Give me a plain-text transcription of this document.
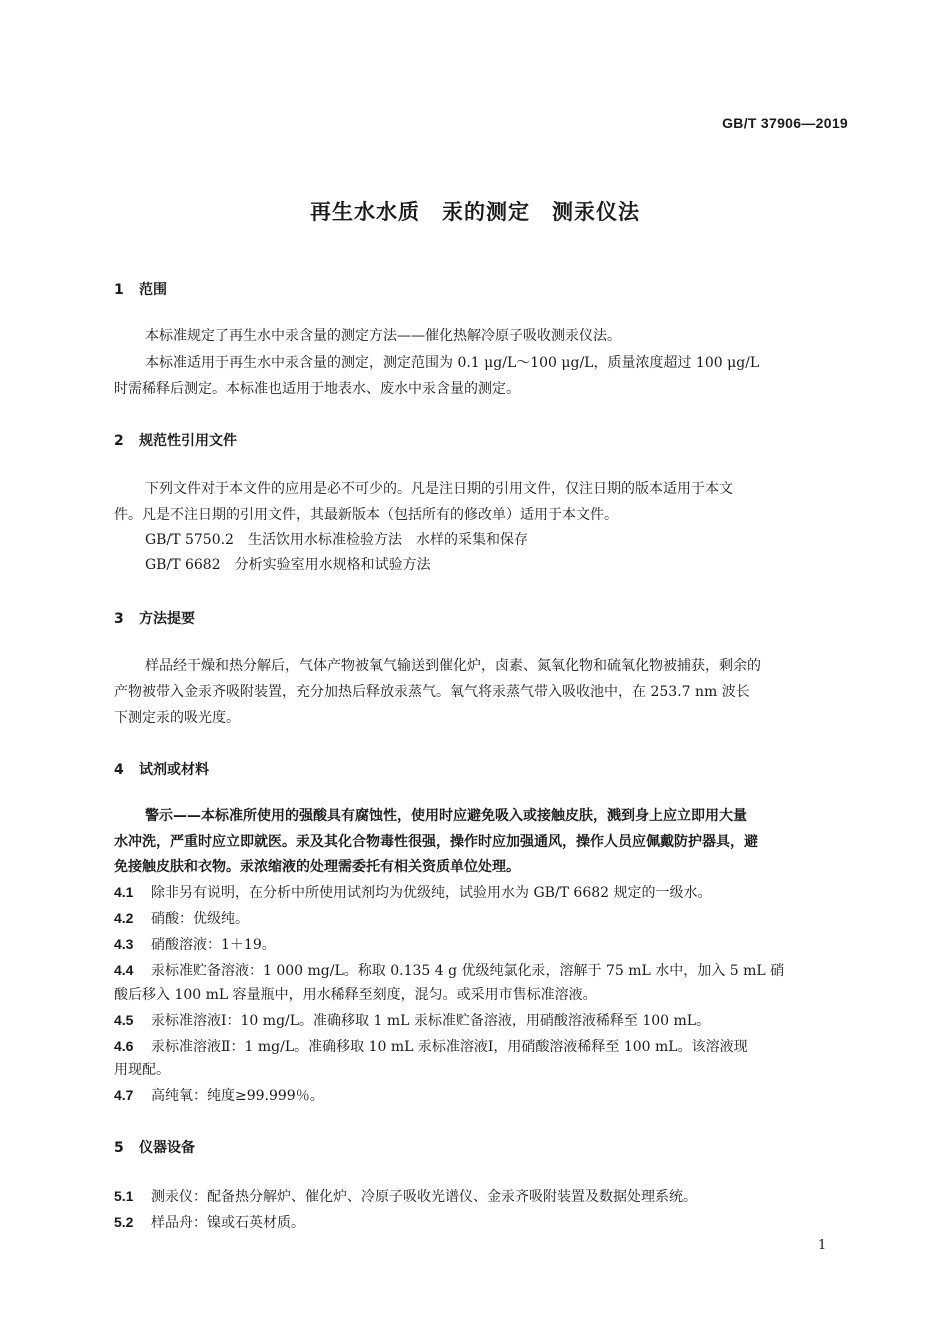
GB/T 37906—2019
再生水水质　汞的测定　测汞仪法
1 范围
本标准规定了再生水中汞含量的测定方法——催化热解冷原子吸收测汞仪法。
本标准适用于再生水中汞含量的测定，测定范围为 0.1 μg/L～100 μg/L，质量浓度超过 100 μg/L
时需稀释后测定。本标准也适用于地表水、废水中汞含量的测定。
2 规范性引用文件
下列文件对于本文件的应用是必不可少的。凡是注日期的引用文件，仅注日期的版本适用于本文
件。凡是不注日期的引用文件，其最新版本（包括所有的修改单）适用于本文件。
GB/T 5750.2　生活饮用水标准检验方法　水样的采集和保存
GB/T 6682　分析实验室用水规格和试验方法
3 方法提要
样品经干燥和热分解后，气体产物被氧气输送到催化炉，卤素、氮氧化物和硫氧化物被捕获，剩余的
产物被带入金汞齐吸附装置，充分加热后释放汞蒸气。氧气将汞蒸气带入吸收池中，在 253.7 nm 波长
下测定汞的吸光度。
4 试剂或材料
警示——本标准所使用的强酸具有腐蚀性，使用时应避免吸入或接触皮肤，溅到身上应立即用大量
水冲洗，严重时应立即就医。汞及其化合物毒性很强，操作时应加强通风，操作人员应佩戴防护器具，避
免接触皮肤和衣物。汞浓缩液的处理需委托有相关资质单位处理。
4.1 除非另有说明，在分析中所使用试剂均为优级纯，试验用水为 GB/T 6682 规定的一级水。
4.2 硝酸：优级纯。
4.3 硝酸溶液：1＋19。
4.4 汞标准贮备溶液：1 000 mg/L。称取 0.135 4 g 优级纯氯化汞，溶解于 75 mL 水中，加入 5 mL 硝
酸后移入 100 mL 容量瓶中，用水稀释至刻度，混匀。或采用市售标准溶液。
4.5 汞标准溶液Ⅰ：10 mg/L。准确移取 1 mL 汞标准贮备溶液，用硝酸溶液稀释至 100 mL。
4.6 汞标准溶液Ⅱ：1 mg/L。准确移取 10 mL 汞标准溶液Ⅰ，用硝酸溶液稀释至 100 mL。该溶液现
用现配。
4.7 高纯氧：纯度≥99.999％。
5 仪器设备
5.1 测汞仪：配备热分解炉、催化炉、冷原子吸收光谱仪、金汞齐吸附装置及数据处理系统。
5.2 样品舟：镍或石英材质。
1
